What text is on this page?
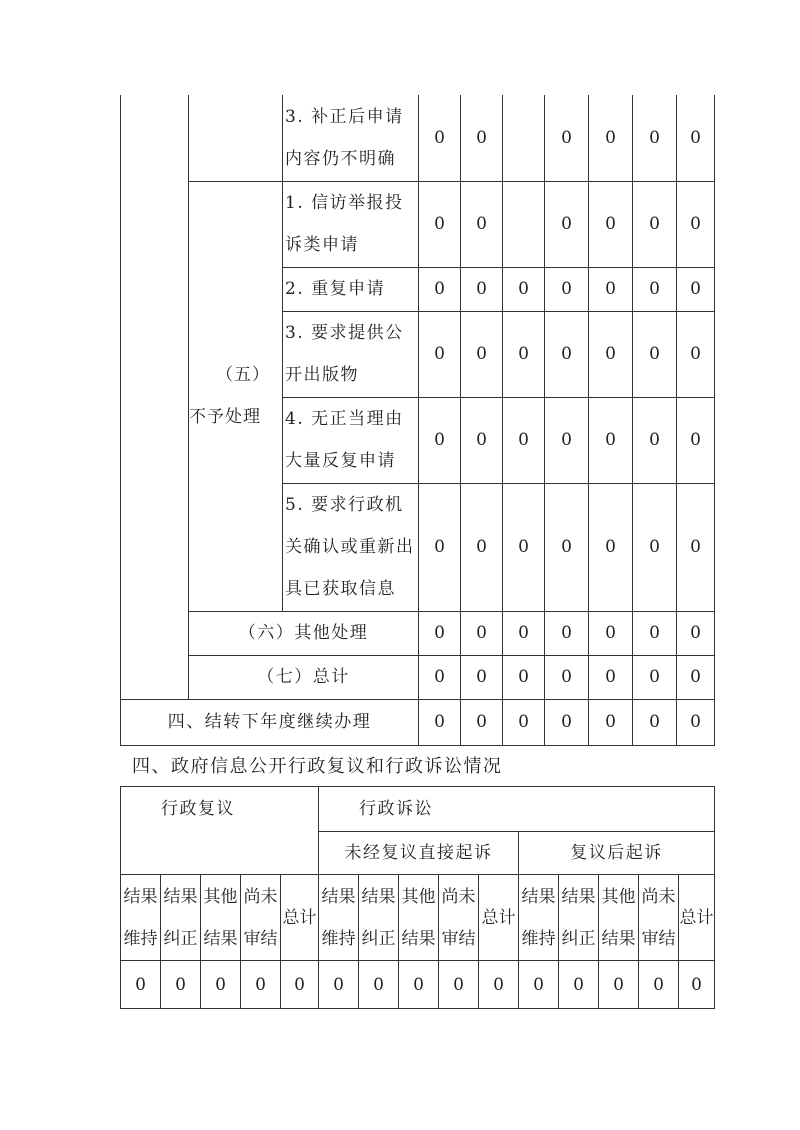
		3. 补正后申请内容仍不明确	0	0		0	0	0	0

	（五）
不予处理	1. 信访举报投诉类申请	0	0		0	0	0	0
		2. 重复申请	0	0	0	0	0	0	0
		3. 要求提供公开出版物	0	0	0	0	0	0	0
		4. 无正当理由大量反复申请	0	0	0	0	0	0	0
		5. 要求行政机关确认或重新出具已获取信息	0	0	0	0	0	0	0
	（六）其他处理		0	0	0	0	0	0	0
	（七）总计		0	0	0	0	0	0	0
四、结转下年度继续办理			0	0	0	0	0	0	0

四、政府信息公开行政复议和行政诉讼情况

行政复议					行政诉讼									
					未经复议直接起诉					复议后起诉				
结果维持	结果纠正	其他结果	尚未审结	总计	结果维持	结果纠正	其他结果	尚未审结	总计	结果维持	结果纠正	其他结果	尚未审结	总计
0	0	0	0	0	0	0	0	0	0	0	0	0	0	0
